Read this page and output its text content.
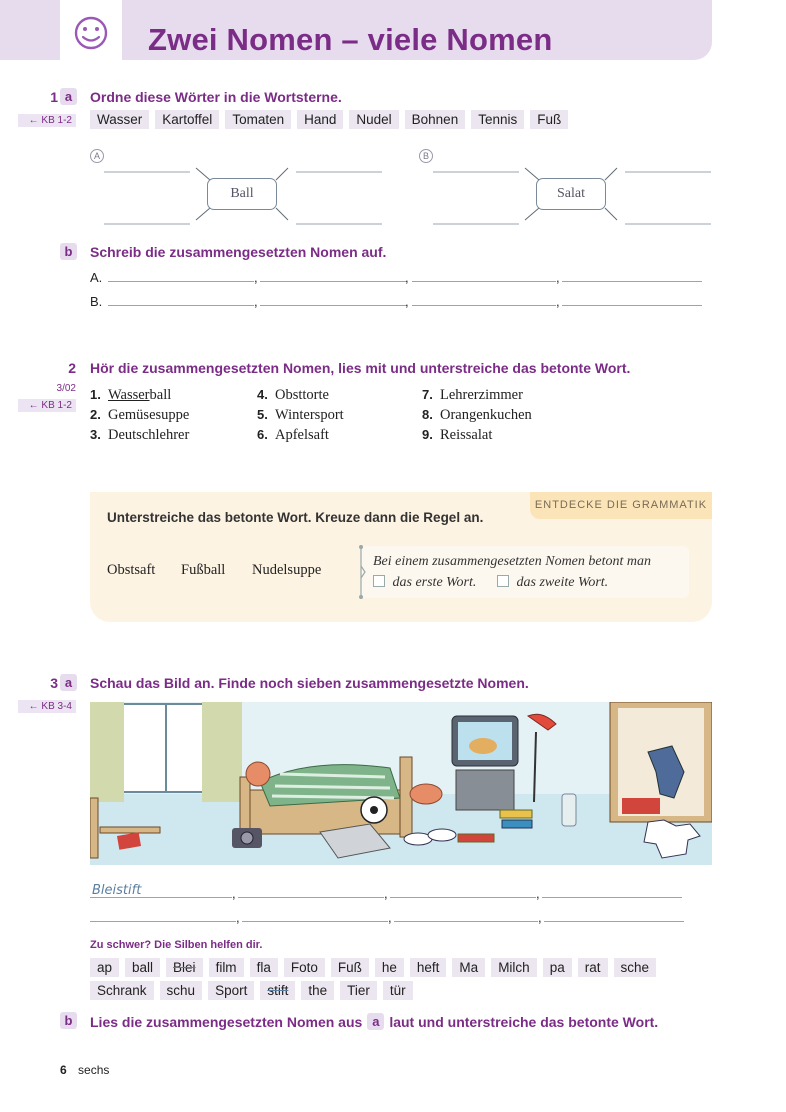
Zwei Nomen – viele Nomen
1 a	Ordne diese Wörter in die Wortsterne.
← KB 1-2	Wasser	Kartoffel	Tomaten	Hand	Nudel	Bohnen	Tennis	Fuß
A
Ball
B
Salat
b	Schreib die zusammengesetzten Nomen auf.
A.
B.
,	,	,
,	,	,
2 Hör die zusammengesetzten Nomen, lies mit und unterstreiche das betonte Wort.
3/02
← KB 1-2
1. Wasserball
2. Gemüsesuppe
3. Deutschlehrer
4. Obsttorte
5. Wintersport
6. Apfelsaft
7. Lehrerzimmer
8. Orangenkuchen
9. Reissalat
ENTDECKE DIE GRAMMATIK
Unterstreiche das betonte Wort. Kreuze dann die Regel an.
Obstsaft Fußball Nudelsuppe
Bei einem zusammengesetzten Nomen betont man
das erste Wort.	das zweite Wort.
3 a	Schau das Bild an. Finde noch sieben zusammengesetzte Nomen.
← KB 3-4
Bleistift	,	,	,
,	,	,
Zu schwer? Die Silben helfen dir.
ap	ball	Blei	film	fla	Foto	Fuß	he	heft	Ma	Milch	pa	rat	sche
Schrank	schu	Sport	stift	the	Tier	tür
b	Lies die zusammengesetzten Nomen aus a laut und unterstreiche das betonte Wort.
6 sechs
